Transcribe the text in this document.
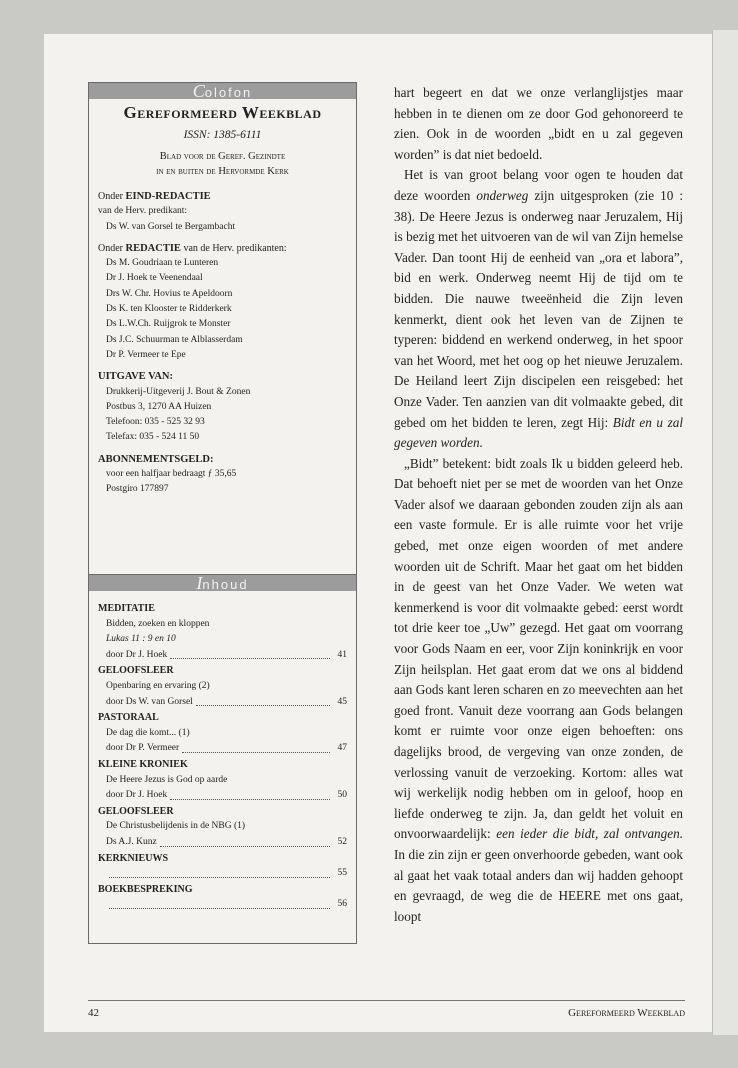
Colofon
Gereformeerd Weekblad
ISSN: 1385-6111
Blad voor de Geref. Gezindte
in en buiten de Hervormde Kerk
Onder EIND-REDACTIE
van de Herv. predikant:
Ds W. van Gorsel te Bergambacht
Onder REDACTIE van de Herv. predikanten:
Ds M. Goudriaan te Lunteren
Dr J. Hoek te Veenendaal
Drs W. Chr. Hovius te Apeldoorn
Ds K. ten Klooster te Ridderkerk
Ds L.W.Ch. Ruijgrok te Monster
Ds J.C. Schuurman te Alblasserdam
Dr P. Vermeer te Epe
UITGAVE VAN:
Drukkerij-Uitgeverij J. Bout & Zonen
Postbus 3, 1270 AA Huizen
Telefoon: 035 - 525 32 93
Telefax: 035 - 524 11 50
ABONNEMENTSGELD:
voor een halfjaar bedraagt ƒ 35,65
Postgiro 177897
Inhoud
MEDITATIE
Bidden, zoeken en kloppen
Lukas 11 : 9 en 10
door Dr J. Hoek	41
GELOOFSLEER
Openbaring en ervaring (2)
door Ds W. van Gorsel	45
PASTORAAL
De dag die komt... (1)
door Dr P. Vermeer	47
KLEINE KRONIEK
De Heere Jezus is God op aarde
door Dr J. Hoek	50
GELOOFSLEER
De Christusbelijdenis in de NBG (1)
Ds A.J. Kunz	52
KERKNIEUWS
55
BOEKBESPREKING
56

hart begeert en dat we onze verlanglijstjes maar hebben in te dienen om ze door God gehonoreerd te zien. Ook in de woorden „bidt en u zal gegeven worden” is dat niet bedoeld.

Het is van groot belang voor ogen te houden dat deze woorden onderweg zijn uitgesproken (zie 10 : 38). De Heere Jezus is onderweg naar Jeruzalem, Hij is bezig met het uitvoeren van de wil van Zijn hemelse Vader. Dan toont Hij de eenheid van „ora et labora”, bid en werk. Onderweg neemt Hij de tijd om te bidden. Die nauwe tweeënheid die Zijn leven kenmerkt, dient ook het leven van de Zijnen te typeren: biddend en werkend onderweg, in het spoor van het Woord, met het oog op het nieuwe Jeruzalem. De Heiland leert Zijn discipelen een reisgebed: het Onze Vader. Ten aanzien van dit volmaakte gebed, dit gebed om het bidden te leren, zegt Hij: Bidt en u zal gegeven worden.

„Bidt” betekent: bidt zoals Ik u bidden geleerd heb. Dat behoeft niet per se met de woorden van het Onze Vader alsof we daaraan gebonden zouden zijn als aan een vaste formule. Er is alle ruimte voor het vrije gebed, met onze eigen woorden of met andere woorden uit de Schrift. Maar het gaat om het bidden in de geest van het Onze Vader. We weten wat kenmerkend is voor dit volmaakte gebed: eerst wordt tot drie keer toe „Uw” gezegd. Het gaat om voorrang voor Gods Naam en eer, voor Zijn koninkrijk en voor Zijn heilsplan. Het gaat erom dat we ons al biddend aan Gods kant leren scharen en zo meevechten aan het goed front. Vanuit deze voorrang aan Gods belangen komt er ruimte voor onze eigen behoeften: ons dagelijks brood, de vergeving van onze zonden, de verlossing vanuit de verzoeking. Kortom: alles wat wij werkelijk nodig hebben om in geloof, hoop en liefde onderweg te zijn. Ja, dan geldt het voluit en onvoorwaardelijk: een ieder die bidt, zal ontvangen. In die zin zijn er geen onverhoorde gebeden, want ook al gaat het vaak totaal anders dan wij hadden gehoopt en gevraagd, de weg die de HEERE met ons gaat, loopt

42	Gereformeerd Weekblad
